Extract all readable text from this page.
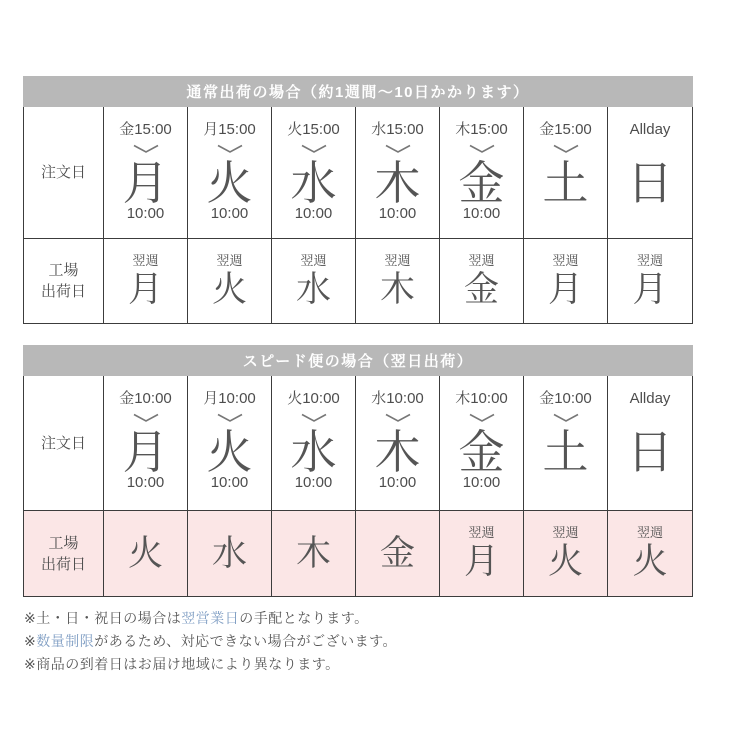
通常出荷の場合（約1週間～10日かかります）
注文日
金15:00
月
10:00
月15:00
火
10:00
火15:00
水
10:00
水15:00
木
10:00
木15:00
金
10:00
金15:00
土
Allday
日
工場
出荷日
翌週
月
翌週
火
翌週
水
翌週
木
翌週
金
翌週
月
翌週
月
スピード便の場合（翌日出荷）
注文日
金10:00
月
10:00
月10:00
火
10:00
火10:00
水
10:00
水10:00
木
10:00
木10:00
金
10:00
金10:00
土
Allday
日
工場
出荷日 火 水 木 金
翌週
月
翌週
火
翌週
火

※土・日・祝日の場合は翌営業日の手配となります。

※数量制限があるため、対応できない場合がございます。

※商品の到着日はお届け地域により異なります。
